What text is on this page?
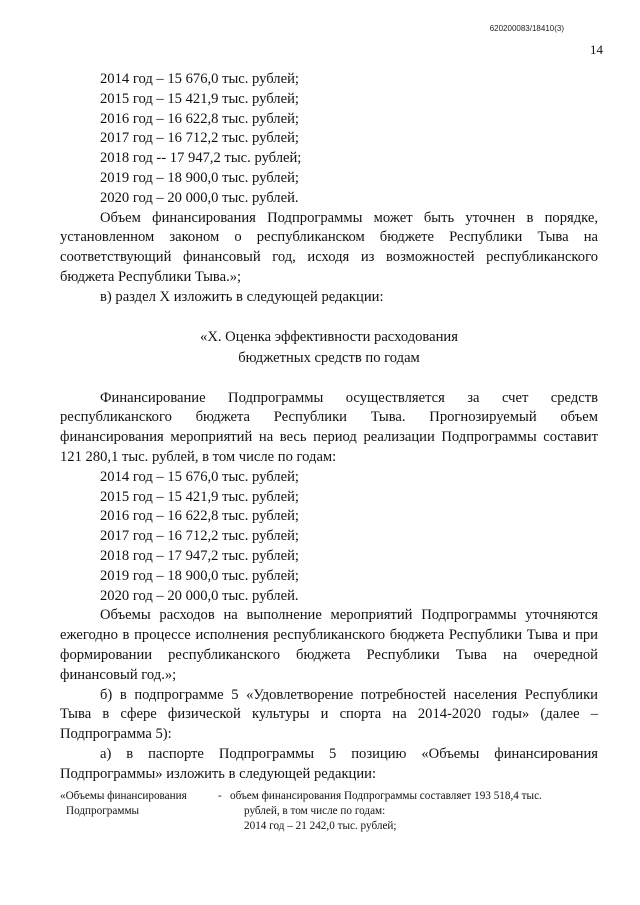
620200083/18410(3)
14

2014 год – 15 676,0 тыс. рублей;

2015 год – 15 421,9 тыс. рублей;

2016 год – 16 622,8 тыс. рублей;

2017 год – 16 712,2 тыс. рублей;

2018 год -- 17 947,2 тыс. рублей;

2019 год – 18 900,0 тыс. рублей;

2020 год – 20 000,0 тыс. рублей.

Объем финансирования Подпрограммы может быть уточнен в порядке, установленном законом о республиканском бюджете Республики Тыва на соответствующий финансовый год, исходя из возможностей республиканского бюджета Республики Тыва.»;

в) раздел X изложить в следующей редакции:

«X. Оценка эффективности расходования
бюджетных средств по годам

Финансирование Подпрограммы осуществляется за счет средств республиканского бюджета Республики Тыва. Прогнозируемый объем финансирования мероприятий на весь период реализации Подпрограммы составит 121 280,1 тыс. рублей, в том числе по годам:

2014 год – 15 676,0 тыс. рублей;

2015 год – 15 421,9 тыс. рублей;

2016 год – 16 622,8 тыс. рублей;

2017 год – 16 712,2 тыс. рублей;

2018 год – 17 947,2 тыс. рублей;

2019 год – 18 900,0 тыс. рублей;

2020 год – 20 000,0 тыс. рублей.

Объемы расходов на выполнение мероприятий Подпрограммы уточняются ежегодно в процессе исполнения республиканского бюджета Республики Тыва и при формировании республиканского бюджета Республики Тыва на очередной финансовый год.»;

б) в подпрограмме 5 «Удовлетворение потребностей населения Республики Тыва в сфере физической культуры и спорта на 2014-2020 годы» (далее – Подпрограмма 5):

а) в паспорте Подпрограммы 5 позицию «Объемы финансирования Подпрограммы» изложить в следующей редакции:

«Объемы финансирования
Подпрограммы
- объем финансирования Подпрограммы составляет 193 518,4 тыс.
рублей, в том числе по годам:
2014 год – 21 242,0 тыс. рублей;
